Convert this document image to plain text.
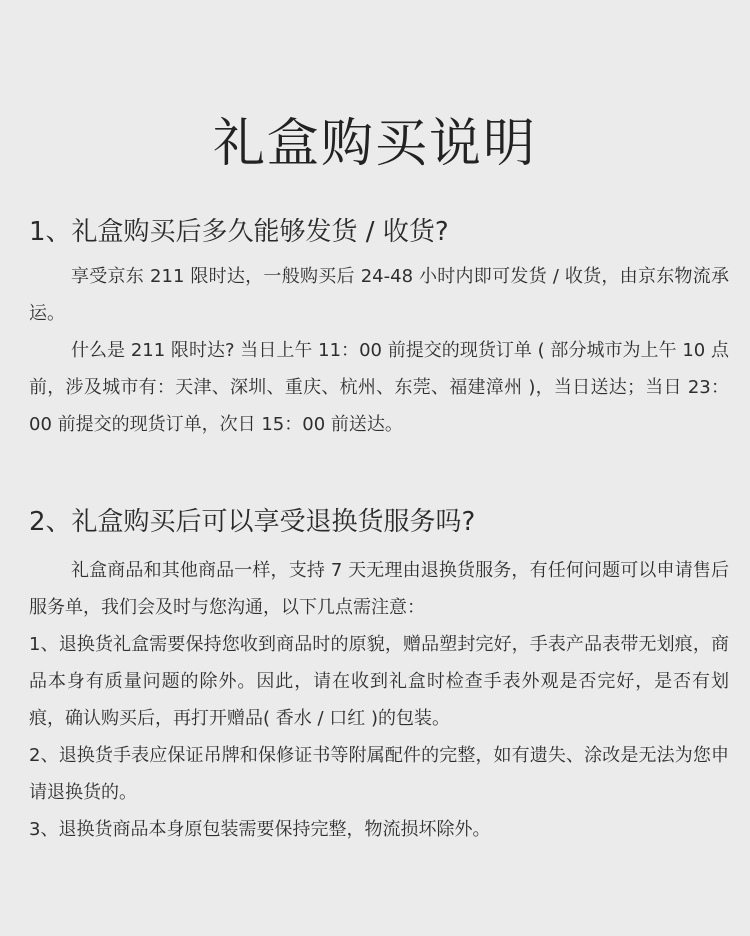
礼盒购买说明
1、礼盒购买后多久能够发货 / 收货?
享受京东 211 限时达，一般购买后 24-48 小时内即可发货 / 收货，由京东物流承运。
什么是 211 限时达? 当日上午 11：00 前提交的现货订单 ( 部分城市为上午 10 点前，涉及城市有：天津、深圳、重庆、杭州、东莞、福建漳州 )，当日送达；当日 23：00 前提交的现货订单，次日 15：00 前送达。
2、礼盒购买后可以享受退换货服务吗?
礼盒商品和其他商品一样，支持 7 天无理由退换货服务，有任何问题可以申请售后服务单，我们会及时与您沟通，以下几点需注意：
1、退换货礼盒需要保持您收到商品时的原貌，赠品塑封完好，手表产品表带无划痕，商品本身有质量问题的除外。因此，请在收到礼盒时检查手表外观是否完好，是否有划痕，确认购买后，再打开赠品( 香水 / 口红 )的包装。
2、退换货手表应保证吊牌和保修证书等附属配件的完整，如有遗失、涂改是无法为您申请退换货的。
3、退换货商品本身原包装需要保持完整，物流损坏除外。
